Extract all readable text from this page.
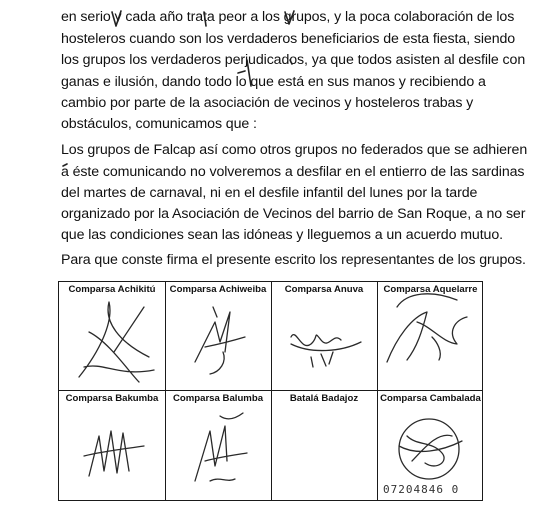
en serio y cada año trata peor a los grupos, y la poca colaboración de los
hosteleros cuando son los verdaderos beneficiarios de esta fiesta, siendo
los grupos los verdaderos perjudicados, ya que todos asisten al desfile con
ganas e ilusión, dando todo lo que está en sus manos y recibiendo a
cambio por parte de la asociación de vecinos y hosteleros trabas y
obstáculos, comunicamos que :
Los grupos de Falcap así como otros grupos no federados que se adhieren
a éste comunicando no volveremos a desfilar en el entierro de las sardinas
del martes de carnaval, ni en el desfile infantil del lunes por la tarde
organizado por la Asociación de Vecinos del barrio de San Roque, a no ser
que las condiciones sean las idóneas y lleguemos a un acuerdo mutuo.
Para que conste firma el presente escrito los representantes de los grupos.
Comparsa Achikitú	Comparsa Achiweiba	Comparsa Anuva	Comparsa Aquelarre
Comparsa Bakumba	Comparsa Balumba	Batalá Badajoz	Comparsa Cambalada
07204846 0
